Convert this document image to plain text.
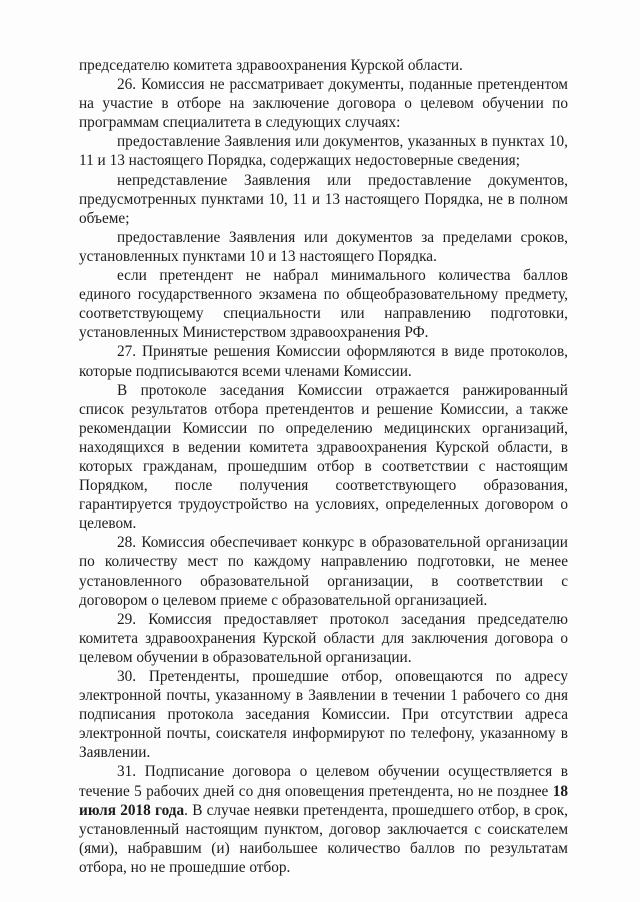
председателю комитета здравоохранения Курской области.

26. Комиссия не рассматривает документы, поданные претендентом на участие в отборе на заключение договора о целевом обучении по программам специалитета в следующих случаях:

предоставление Заявления или документов, указанных в пунктах 10, 11 и 13 настоящего Порядка, содержащих недостоверные сведения;

непредставление Заявления или предоставление документов, предусмотренных пунктами 10, 11 и 13 настоящего Порядка, не в полном объеме;

предоставление Заявления или документов за пределами сроков, установленных пунктами 10 и 13 настоящего Порядка.

если претендент не набрал минимального количества баллов единого государственного экзамена по общеобразовательному предмету, соответствующему специальности или направлению подготовки, установленных Министерством здравоохранения РФ.

27. Принятые решения Комиссии оформляются в виде протоколов, которые подписываются всеми членами Комиссии.

В протоколе заседания Комиссии отражается ранжированный список результатов отбора претендентов и решение Комиссии, а также рекомендации Комиссии по определению медицинских организаций, находящихся в ведении комитета здравоохранения Курской области, в которых гражданам, прошедшим отбор в соответствии с настоящим Порядком, после получения соответствующего образования, гарантируется трудоустройство на условиях, определенных договором о целевом.

28. Комиссия обеспечивает конкурс в образовательной организации по количеству мест по каждому направлению подготовки, не менее установленного образовательной организации, в соответствии с договором о целевом приеме с образовательной организацией.

29. Комиссия предоставляет протокол заседания председателю комитета здравоохранения Курской области для заключения договора о целевом обучении в образовательной организации.

30. Претенденты, прошедшие отбор, оповещаются по адресу электронной почты, указанному в Заявлении в течении 1 рабочего со дня подписания протокола заседания Комиссии. При отсутствии адреса электронной почты, соискателя информируют по телефону, указанному в Заявлении.

31. Подписание договора о целевом обучении осуществляется в течение 5 рабочих дней со дня оповещения претендента, но не позднее 18 июля 2018 года. В случае неявки претендента, прошедшего отбор, в срок, установленный настоящим пунктом, договор заключается с соискателем (ями), набравшим (и) наибольшее количество баллов по результатам отбора, но не прошедшие отбор.
